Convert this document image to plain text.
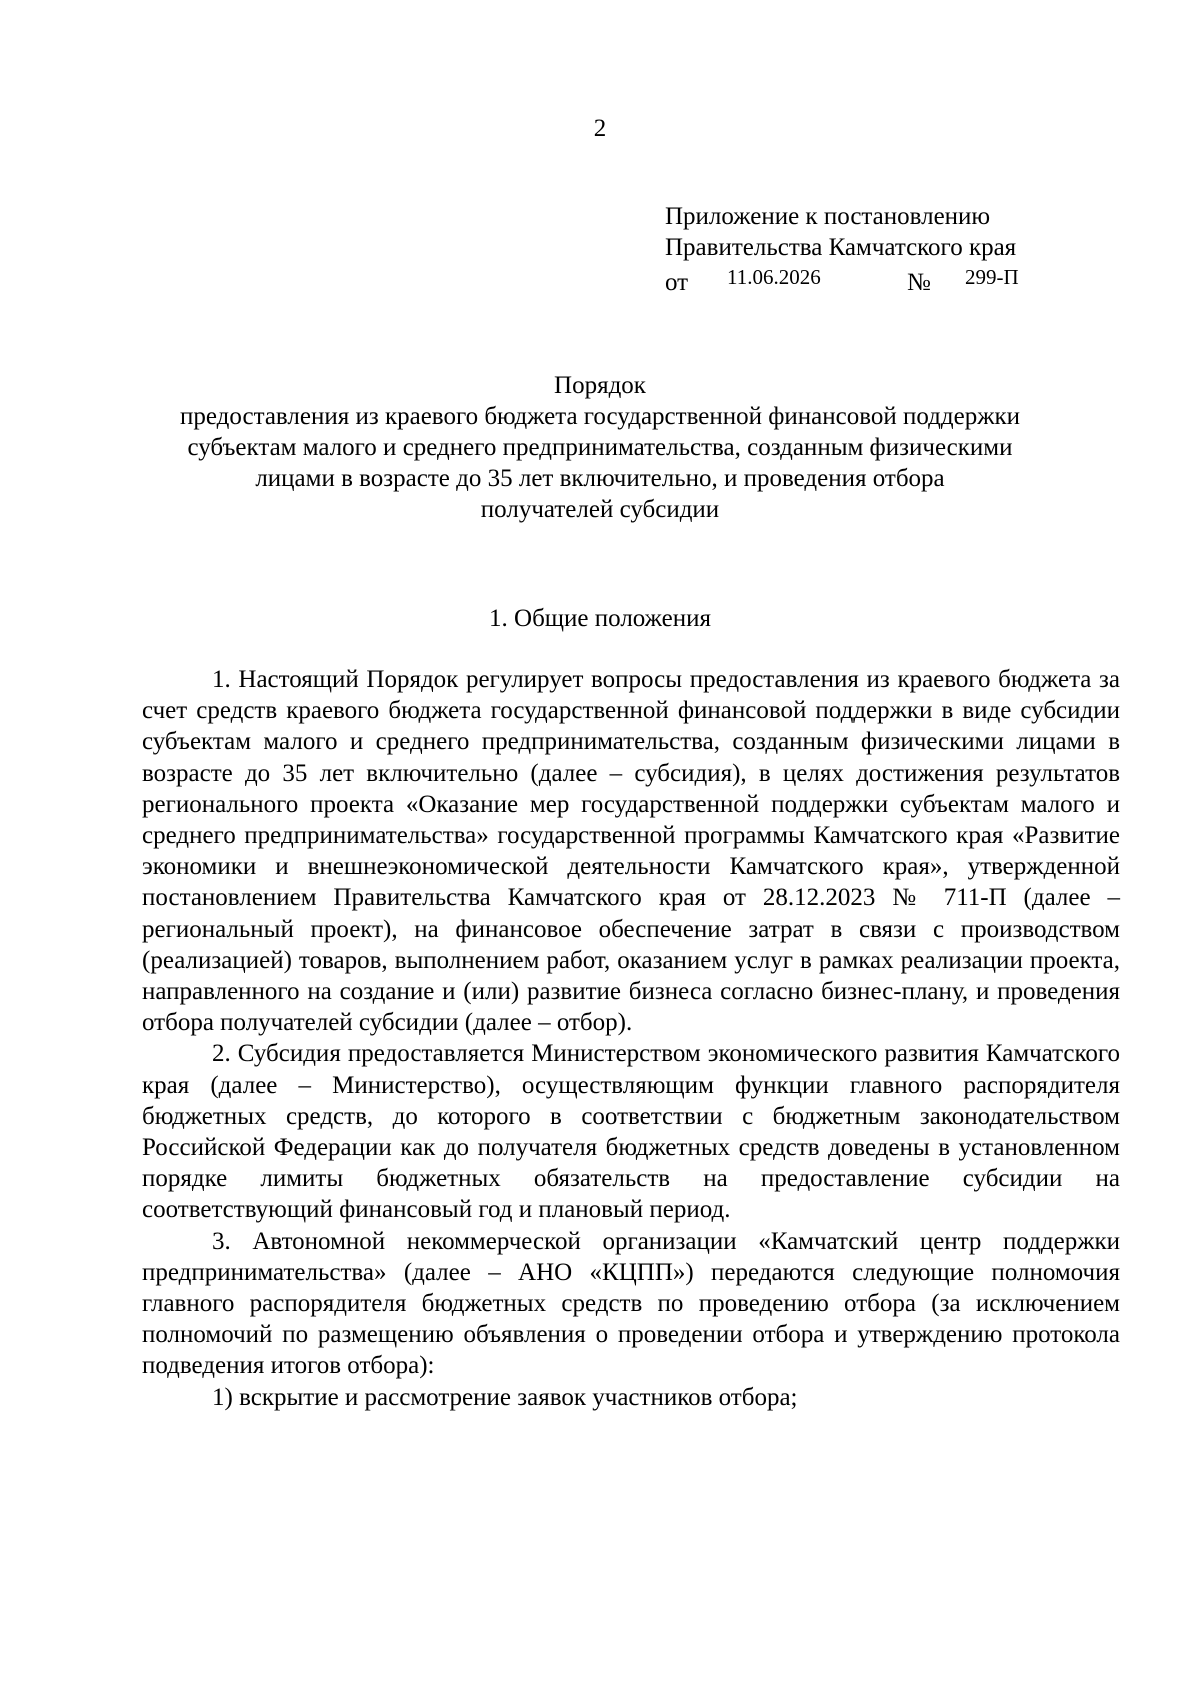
2
Приложение к постановлению
Правительства Камчатского края
от 11.06.2026	№ 299-П
Порядок
предоставления из краевого бюджета государственной финансовой поддержки
субъектам малого и среднего предпринимательства, созданным физическими
лицами в возрасте до 35 лет включительно, и проведения отбора
получателей субсидии
1. Общие положения

1. Настоящий Порядок регулирует вопросы предоставления из краевого бюджета за счет средств краевого бюджета государственной финансовой поддержки в виде субсидии субъектам малого и среднего предпринимательства, созданным физическими лицами в возрасте до 35 лет включительно (далее – субсидия), в целях достижения результатов регионального проекта «Оказание мер государственной поддержки субъектам малого и среднего предпринимательства» государственной программы Камчатского края «Развитие экономики и внешнеэкономической деятельности Камчатского края», утвержденной постановлением Правительства Камчатского края от 28.12.2023 № 711-П (далее – региональный проект), на финансовое обеспечение затрат в связи с производством (реализацией) товаров, выполнением работ, оказанием услуг в рамках реализации проекта, направленного на создание и (или) развитие бизнеса согласно бизнес-плану, и проведения отбора получателей субсидии (далее – отбор).

2. Субсидия предоставляется Министерством экономического развития Камчатского края (далее – Министерство), осуществляющим функции главного распорядителя бюджетных средств, до которого в соответствии с бюджетным законодательством Российской Федерации как до получателя бюджетных средств доведены в установленном порядке лимиты бюджетных обязательств на предоставление субсидии на соответствующий финансовый год и плановый период.

3. Автономной некоммерческой организации «Камчатский центр поддержки предпринимательства» (далее – АНО «КЦПП») передаются следующие полномочия главного распорядителя бюджетных средств по проведению отбора (за исключением полномочий по размещению объявления о проведении отбора и утверждению протокола подведения итогов отбора):

1) вскрытие и рассмотрение заявок участников отбора;
